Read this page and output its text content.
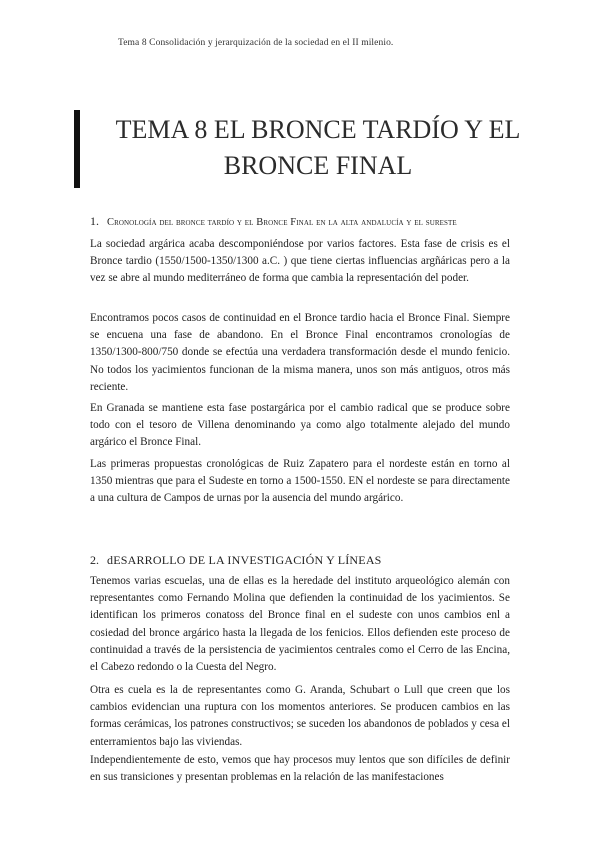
Tema 8 Consolidación y jerarquización de la sociedad en el II milenio.
TEMA 8 EL BRONCE TARDÍO Y EL
BRONCE FINAL
1. Cronología del bronce tardío y el Bronce Final en la alta andalucía y el sureste

La sociedad argárica acaba descomponiéndose por varios factores. Esta fase de crisis es el Bronce tardio (1550/1500-1350/1300 a.C. ) que tiene ciertas influencias argñáricas pero a la vez se abre al mundo mediterráneo de forma que cambia la representación del poder.

Encontramos pocos casos de continuidad en el Bronce tardio hacia el Bronce Final. Siempre se encuena una fase de abandono. En el Bronce Final encontramos cronologías de 1350/1300-800/750 donde se efectúa una verdadera transformación desde el mundo fenicio. No todos los yacimientos funcionan de la misma manera, unos son más antiguos, otros más reciente.

En Granada se mantiene esta fase postargárica por el cambio radical que se produce sobre todo con el tesoro de Villena denominando ya como algo totalmente alejado del mundo argárico el Bronce Final.

Las primeras propuestas cronológicas de Ruiz Zapatero para el nordeste están en torno al 1350 mientras que para el Sudeste en torno a 1500-1550. EN el nordeste se para directamente a una cultura de Campos de urnas por la ausencia del mundo argárico.

2. dESARROLLO DE LA INVESTIGACIÓN Y LÍNEAS

Tenemos varias escuelas, una de ellas es la heredade del instituto arqueológico alemán con representantes como Fernando Molina que defienden la continuidad de los yacimientos. Se identifican los primeros conatoss del Bronce final en el sudeste con unos cambios enl a cosiedad del bronce argárico hasta la llegada de los fenicios. Ellos defienden este proceso de continuidad a través de la persistencia de yacimientos centrales como el Cerro de las Encina, el Cabezo redondo o la Cuesta del Negro.

Otra es cuela es la de representantes como G. Aranda, Schubart o Lull que creen que los cambios evidencian una ruptura con los momentos anteriores. Se producen cambios en las formas cerámicas, los patrones constructivos; se suceden los abandonos de poblados y cesa el enterramientos bajo las viviendas.

Independientemente de esto, vemos que hay procesos muy lentos que son difíciles de definir en sus transiciones y presentan problemas en la relación de las manifestaciones
